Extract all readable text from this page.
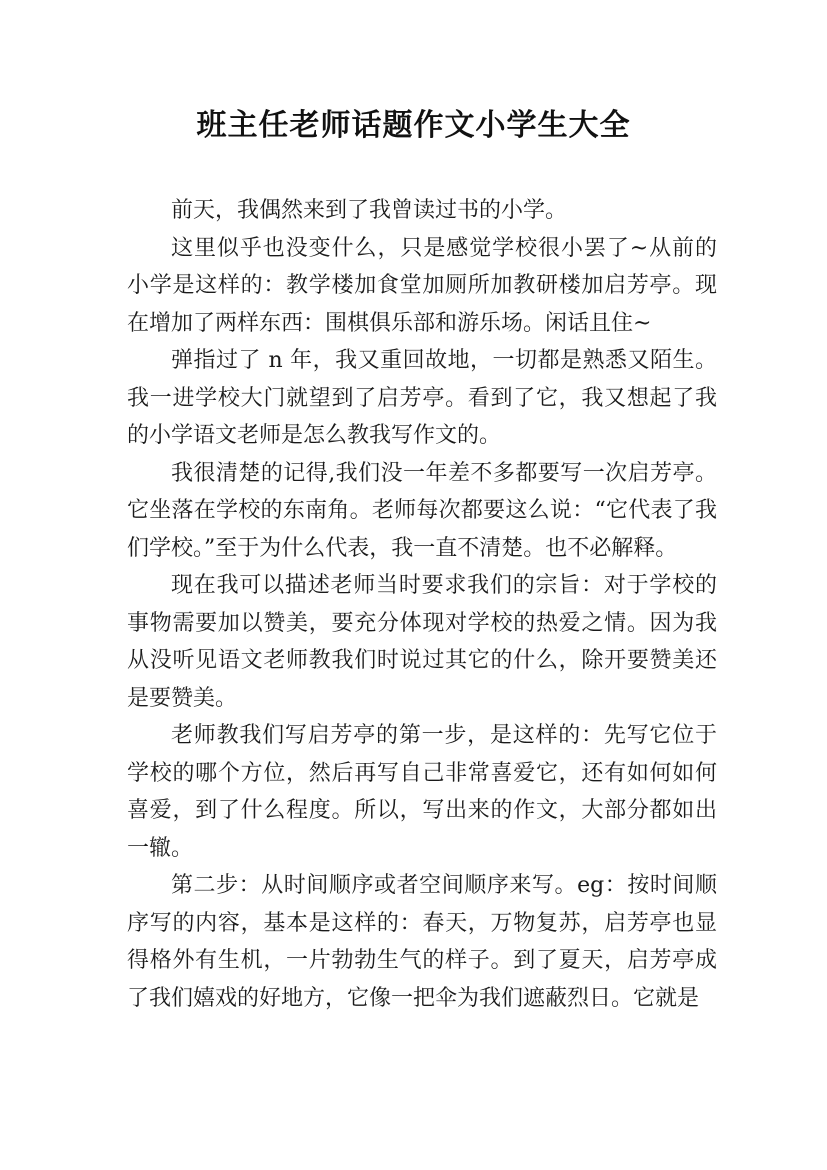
班主任老师话题作文小学生大全

前天，我偶然来到了我曾读过书的小学。

这里似乎也没变什么，只是感觉学校很小罢了~从前的小学是这样的：教学楼加食堂加厕所加教研楼加启芳亭。现在增加了两样东西：围棋俱乐部和游乐场。闲话且住~

弹指过了 n 年，我又重回故地，一切都是熟悉又陌生。我一进学校大门就望到了启芳亭。看到了它，我又想起了我的小学语文老师是怎么教我写作文的。

我很清楚的记得,我们没一年差不多都要写一次启芳亭。它坐落在学校的东南角。老师每次都要这么说：“它代表了我们学校。”至于为什么代表，我一直不清楚。也不必解释。

现在我可以描述老师当时要求我们的宗旨：对于学校的事物需要加以赞美，要充分体现对学校的热爱之情。因为我从没听见语文老师教我们时说过其它的什么，除开要赞美还是要赞美。

老师教我们写启芳亭的第一步，是这样的：先写它位于学校的哪个方位，然后再写自己非常喜爱它，还有如何如何喜爱，到了什么程度。所以，写出来的作文，大部分都如出一辙。

第二步：从时间顺序或者空间顺序来写。eg：按时间顺序写的内容，基本是这样的：春天，万物复苏，启芳亭也显得格外有生机，一片勃勃生气的样子。到了夏天，启芳亭成了我们嬉戏的好地方，它像一把伞为我们遮蔽烈日。它就是
